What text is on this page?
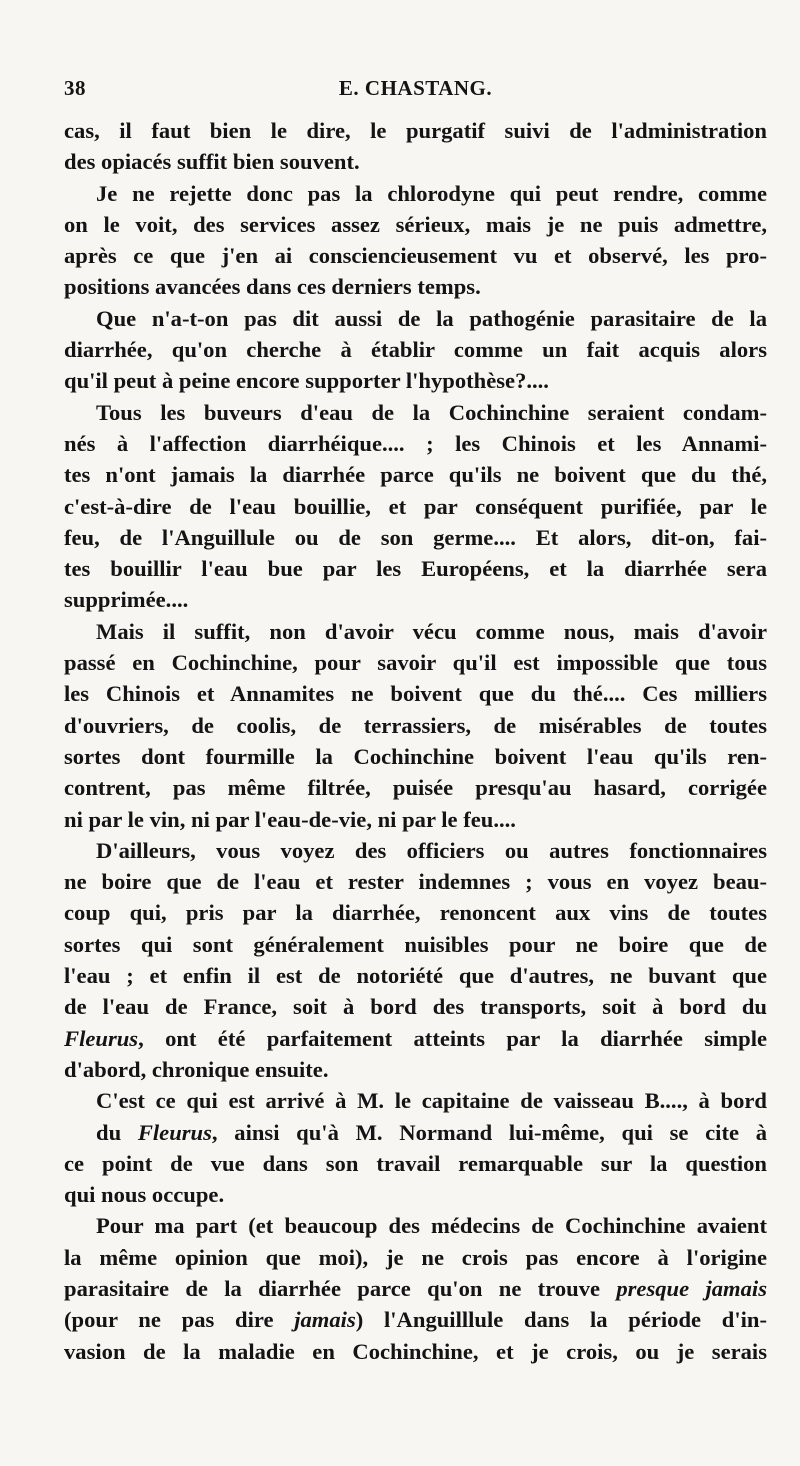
38	E. CHASTANG.
cas, il faut bien le dire, le purgatif suivi de l'administration
des opiacés suffit bien souvent.
Je ne rejette donc pas la chlorodyne qui peut rendre, comme
on le voit, des services assez sérieux, mais je ne puis admettre,
après ce que j'en ai consciencieusement vu et observé, les pro-
positions avancées dans ces derniers temps.
Que n'a-t-on pas dit aussi de la pathogénie parasitaire de la
diarrhée, qu'on cherche à établir comme un fait acquis alors
qu'il peut à peine encore supporter l'hypothèse?....
Tous les buveurs d'eau de la Cochinchine seraient condam-
nés à l'affection diarrhéique.... ; les Chinois et les Annami-
tes n'ont jamais la diarrhée parce qu'ils ne boivent que du thé,
c'est-à-dire de l'eau bouillie, et par conséquent purifiée, par le
feu, de l'Anguillule ou de son germe.... Et alors, dit-on, fai-
tes bouillir l'eau bue par les Européens, et la diarrhée sera
supprimée....
Mais il suffit, non d'avoir vécu comme nous, mais d'avoir
passé en Cochinchine, pour savoir qu'il est impossible que tous
les Chinois et Annamites ne boivent que du thé.... Ces milliers
d'ouvriers, de coolis, de terrassiers, de misérables de toutes
sortes dont fourmille la Cochinchine boivent l'eau qu'ils ren-
contrent, pas même filtrée, puisée presqu'au hasard, corrigée
ni par le vin, ni par l'eau-de-vie, ni par le feu....
D'ailleurs, vous voyez des officiers ou autres fonctionnaires
ne boire que de l'eau et rester indemnes ; vous en voyez beau-
coup qui, pris par la diarrhée, renoncent aux vins de toutes
sortes qui sont généralement nuisibles pour ne boire que de
l'eau ; et enfin il est de notoriété que d'autres, ne buvant que
de l'eau de France, soit à bord des transports, soit à bord du
Fleurus, ont été parfaitement atteints par la diarrhée simple
d'abord, chronique ensuite.
C'est ce qui est arrivé à M. le capitaine de vaisseau B...., à bord
du Fleurus, ainsi qu'à M. Normand lui-même, qui se cite à
ce point de vue dans son travail remarquable sur la question
qui nous occupe.
Pour ma part (et beaucoup des médecins de Cochinchine avaient
la même opinion que moi), je ne crois pas encore à l'origine
parasitaire de la diarrhée parce qu'on ne trouve presque jamais
(pour ne pas dire jamais) l'Anguilllule dans la période d'in-
vasion de la maladie en Cochinchine, et je crois, ou je serais
